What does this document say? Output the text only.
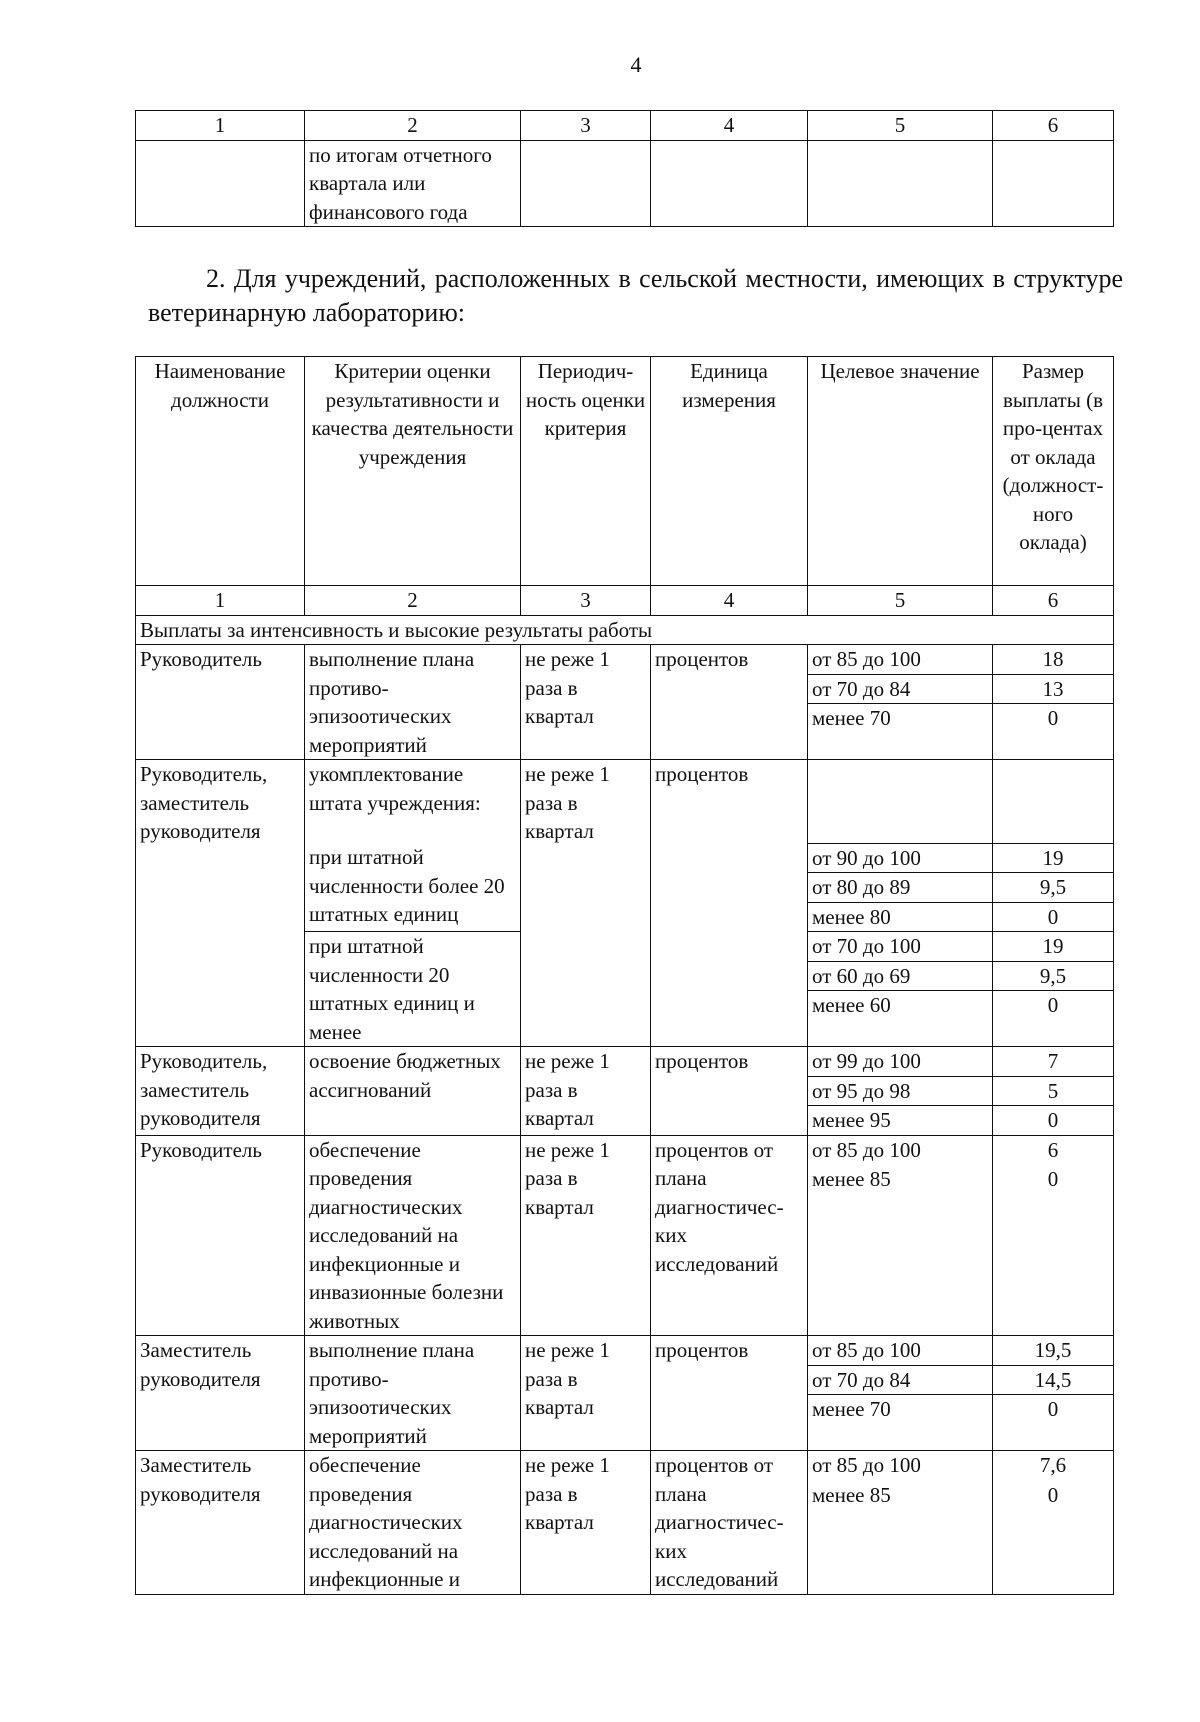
4
1	2	3	4	5	6
	по итогам отчетного квартала или финансового года				
2. Для учреждений, расположенных в сельской местности, имеющих в структуре ветеринарную лабораторию:
Наименование должности	Критерии оценки результативности и качества деятельности учреждения	Периодич-ность оценки критерия	Единица измерения	Целевое значение	Размер выплаты (в про-центах от оклада (должност-ного оклада)
1	2	3	4	5	6
Выплаты за интенсивность и высокие результаты работы					
Руководитель	выполнение плана противо-эпизоотических мероприятий	не реже 1 раза в квартал	процентов	от 85 до 100	18
				от 70 до 84	13
				менее 70	0
Руководитель, заместитель руководителя	укомплектование штата учреждения:	не реже 1 раза в квартал	процентов		
	при штатной численности более 20 штатных единиц			от 90 до 100	19
				от 80 до 89	9,5
				менее 80	0
	при штатной численности 20 штатных единиц и менее			от 70 до 100	19
				от 60 до 69	9,5
				менее 60	0
Руководитель, заместитель руководителя	освоение бюджетных ассигнований	не реже 1 раза в квартал	процентов	от 99 до 100	7
				от 95 до 98	5
				менее 95	0
Руководитель	обеспечение проведения диагностических исследований на инфекционные и инвазионные болезни животных	не реже 1 раза в квартал	процентов от плана диагностичес-ких исследований	от 85 до 100	6
				менее 85	0
Заместитель руководителя	выполнение плана противо-эпизоотических мероприятий	не реже 1 раза в квартал	процентов	от 85 до 100	19,5
				от 70 до 84	14,5
				менее 70	0
Заместитель руководителя	обеспечение проведения диагностических исследований на инфекционные и	не реже 1 раза в квартал	процентов от плана диагностичес-ких исследований	от 85 до 100	7,6
				менее 85	0
